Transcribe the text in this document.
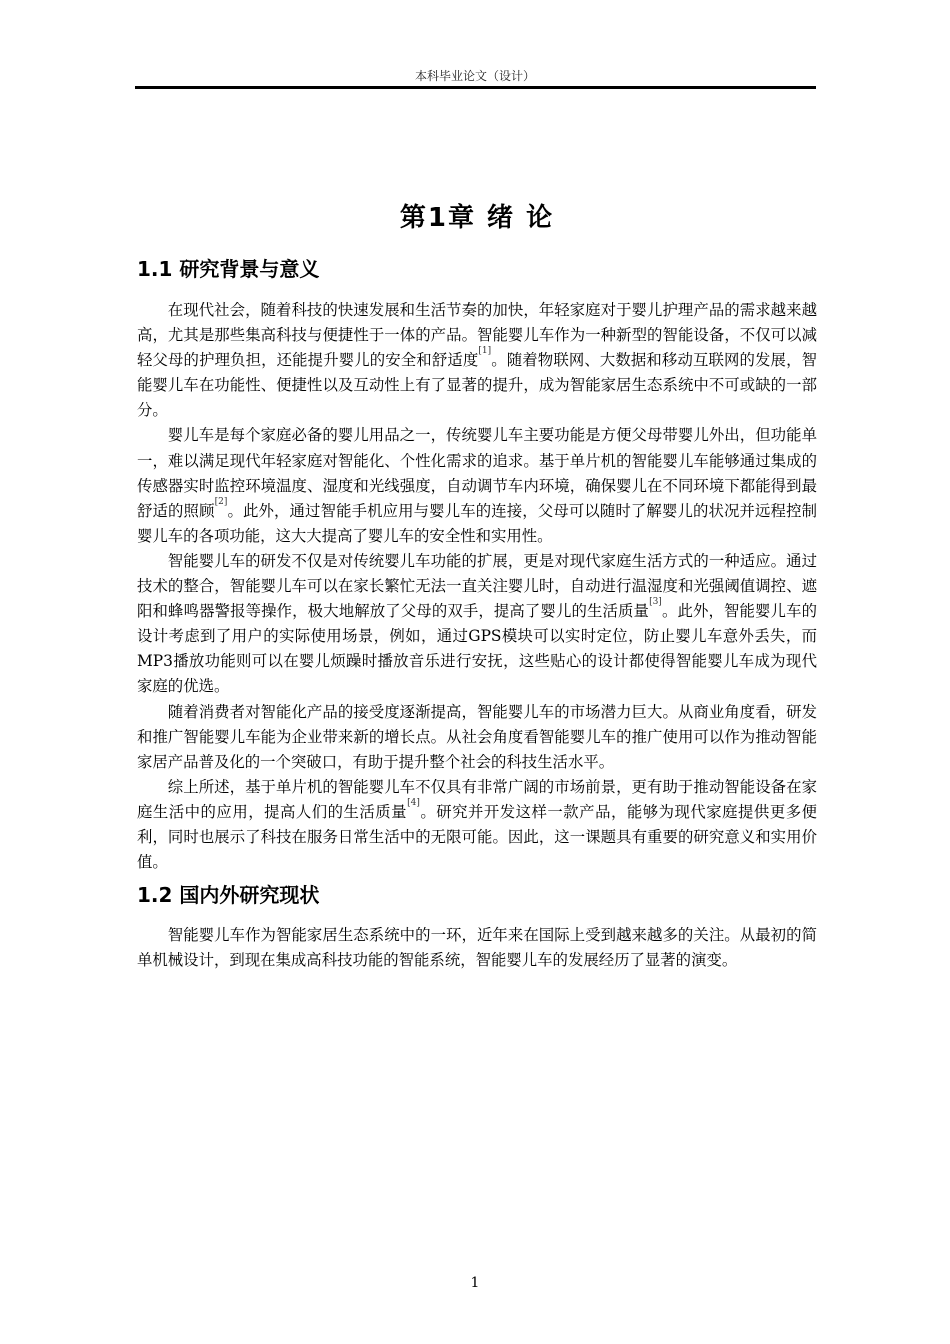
本科毕业论文（设计）
第1章 绪 论
1.1 研究背景与意义

在现代社会，随着科技的快速发展和生活节奏的加快，年轻家庭对于婴儿护理产品的需求越来越高，尤其是那些集高科技与便捷性于一体的产品。智能婴儿车作为一种新型的智能设备，不仅可以减轻父母的护理负担，还能提升婴儿的安全和舒适度[1]。随着物联网、大数据和移动互联网的发展，智能婴儿车在功能性、便捷性以及互动性上有了显著的提升，成为智能家居生态系统中不可或缺的一部分。

婴儿车是每个家庭必备的婴儿用品之一，传统婴儿车主要功能是方便父母带婴儿外出，但功能单一，难以满足现代年轻家庭对智能化、个性化需求的追求。基于单片机的智能婴儿车能够通过集成的传感器实时监控环境温度、湿度和光线强度，自动调节车内环境，确保婴儿在不同环境下都能得到最舒适的照顾[2]。此外，通过智能手机应用与婴儿车的连接，父母可以随时了解婴儿的状况并远程控制婴儿车的各项功能，这大大提高了婴儿车的安全性和实用性。

智能婴儿车的研发不仅是对传统婴儿车功能的扩展，更是对现代家庭生活方式的一种适应。通过技术的整合，智能婴儿车可以在家长繁忙无法一直关注婴儿时，自动进行温湿度和光强阈值调控、遮阳和蜂鸣器警报等操作，极大地解放了父母的双手，提高了婴儿的生活质量[3]。此外，智能婴儿车的设计考虑到了用户的实际使用场景，例如，通过GPS模块可以实时定位，防止婴儿车意外丢失，而MP3播放功能则可以在婴儿烦躁时播放音乐进行安抚，这些贴心的设计都使得智能婴儿车成为现代家庭的优选。

随着消费者对智能化产品的接受度逐渐提高，智能婴儿车的市场潜力巨大。从商业角度看，研发和推广智能婴儿车能为企业带来新的增长点。从社会角度看智能婴儿车的推广使用可以作为推动智能家居产品普及化的一个突破口，有助于提升整个社会的科技生活水平。

综上所述，基于单片机的智能婴儿车不仅具有非常广阔的市场前景，更有助于推动智能设备在家庭生活中的应用，提高人们的生活质量[4]。研究并开发这样一款产品，能够为现代家庭提供更多便利，同时也展示了科技在服务日常生活中的无限可能。因此，这一课题具有重要的研究意义和实用价值。

1.2 国内外研究现状

智能婴儿车作为智能家居生态系统中的一环，近年来在国际上受到越来越多的关注。从最初的简单机械设计，到现在集成高科技功能的智能系统，智能婴儿车的发展经历了显著的演变。

1
